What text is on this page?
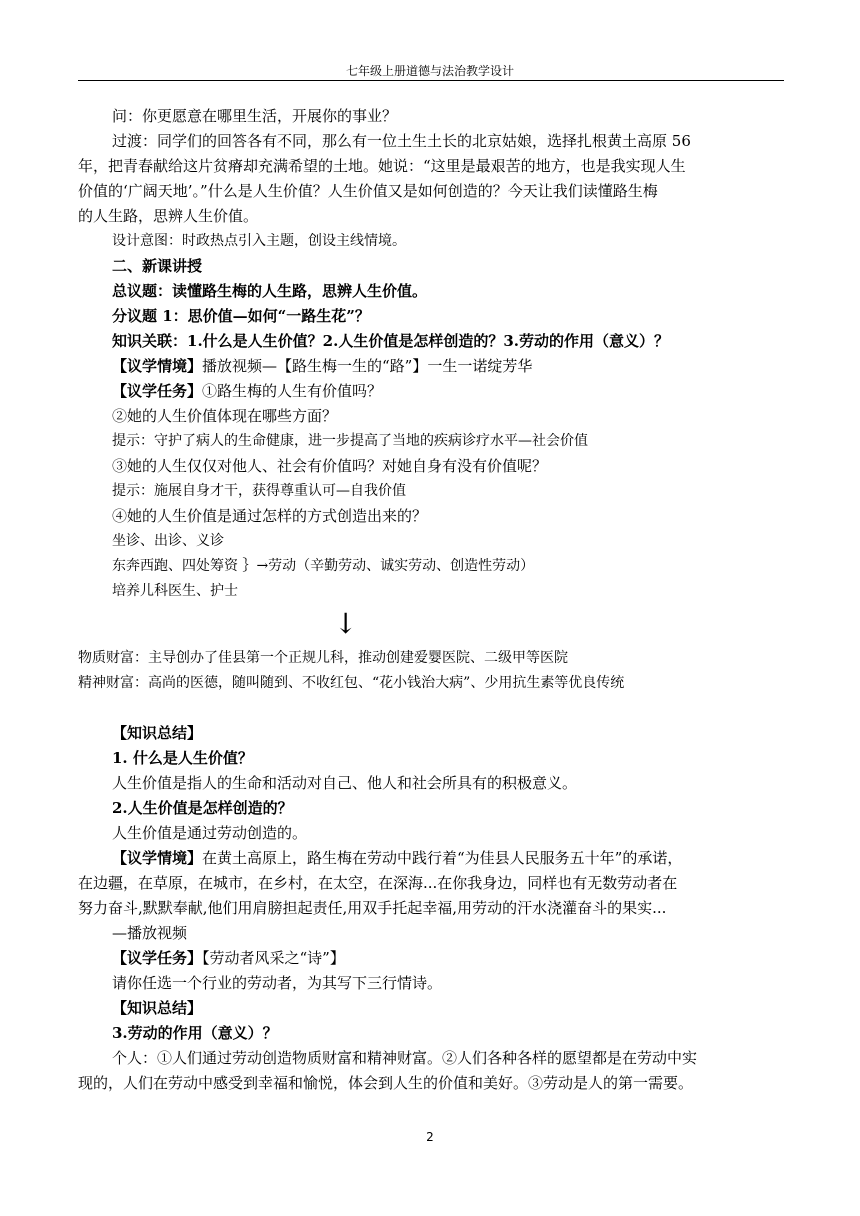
七年级上册道德与法治教学设计
问：你更愿意在哪里生活，开展你的事业？
过渡：同学们的回答各有不同，那么有一位土生土长的北京姑娘，选择扎根黄土高原 56
年，把青春献给这片贫瘠却充满希望的土地。她说：“这里是最艰苦的地方，也是我实现人生
价值的‘广阔天地’。”什么是人生价值？人生价值又是如何创造的？今天让我们读懂路生梅
的人生路，思辨人生价值。
设计意图：时政热点引入主题，创设主线情境。
二、新课讲授
总议题：读懂路生梅的人生路，思辨人生价值。
分议题 1：思价值—如何“一路生花”？
知识关联：1.什么是人生价值？2.人生价值是怎样创造的？3.劳动的作用（意义）？
【议学情境】播放视频—【路生梅一生的“路”】一生一诺绽芳华
【议学任务】①路生梅的人生有价值吗？
②她的人生价值体现在哪些方面？
提示：守护了病人的生命健康，进一步提高了当地的疾病诊疗水平—社会价值
③她的人生仅仅对他人、社会有价值吗？对她自身有没有价值呢？
提示：施展自身才干，获得尊重认可—自我价值
④她的人生价值是通过怎样的方式创造出来的？
坐诊、出诊、义诊
东奔西跑、四处筹资 ｝→劳动（辛勤劳动、诚实劳动、创造性劳动）
培养儿科医生、护士
↓
物质财富：主导创办了佳县第一个正规儿科，推动创建爱婴医院、二级甲等医院
精神财富：高尚的医德，随叫随到、不收红包、“花小钱治大病”、少用抗生素等优良传统
【知识总结】
1. 什么是人生价值？
人生价值是指人的生命和活动对自己、他人和社会所具有的积极意义。
2.人生价值是怎样创造的？
人生价值是通过劳动创造的。
【议学情境】在黄土高原上，路生梅在劳动中践行着“为佳县人民服务五十年”的承诺，
在边疆，在草原，在城市，在乡村，在太空，在深海...在你我身边，同样也有无数劳动者在
努力奋斗,默默奉献,他们用肩膀担起责任,用双手托起幸福,用劳动的汗水浇灌奋斗的果实...
—播放视频
【议学任务】【劳动者风采之“诗”】
请你任选一个行业的劳动者，为其写下三行情诗。
【知识总结】
3.劳动的作用（意义）？
个人：①人们通过劳动创造物质财富和精神财富。②人们各种各样的愿望都是在劳动中实
现的，人们在劳动中感受到幸福和愉悦，体会到人生的价值和美好。③劳动是人的第一需要。
2
